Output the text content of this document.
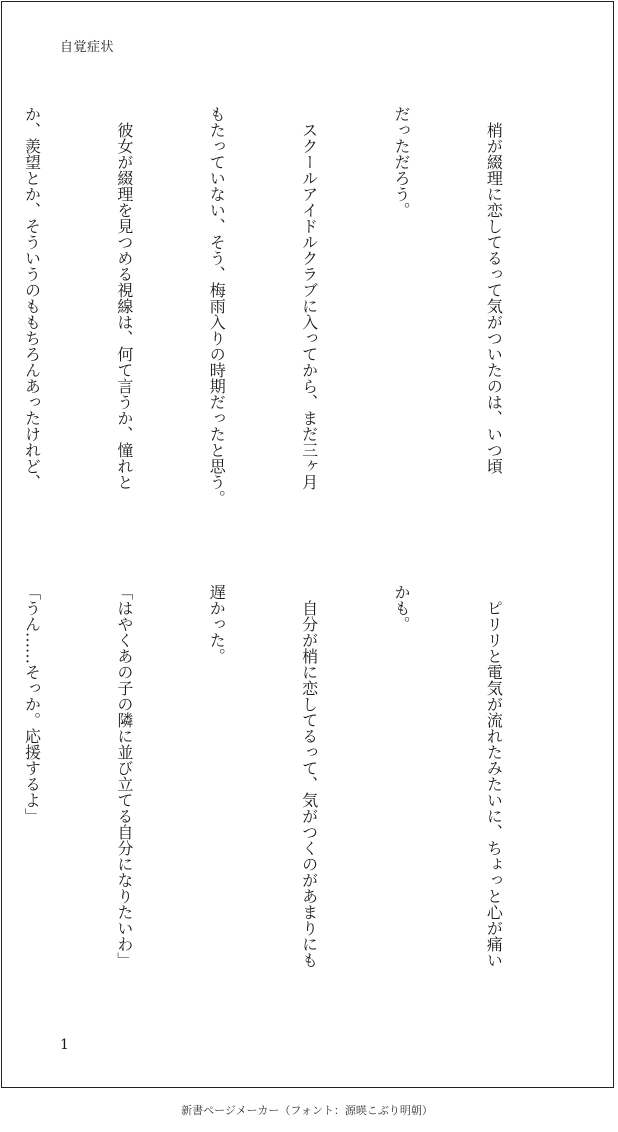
自覚症状

　梢が綴理に恋してるって気がついたのは、いつ頃

だっただろう。

　スクールアイドルクラブに入ってから、まだ三ヶ月

もたっていない、そう、梅雨入りの時期だったと思う。

　彼女が綴理を見つめる視線は、何て言うか、憧れと

か、羨望とか、そういうのももちろんあったけれど、

　ピリリと電気が流れたみたいに、ちょっと心が痛い

かも。

　自分が梢に恋してるって、気がつくのがあまりにも

遅かった。

「はやくあの子の隣に並び立てる自分になりたいわ」

「うん……そっか。応援するよ」

1
新書ページメーカー（フォント：源暎こぶり明朝）
